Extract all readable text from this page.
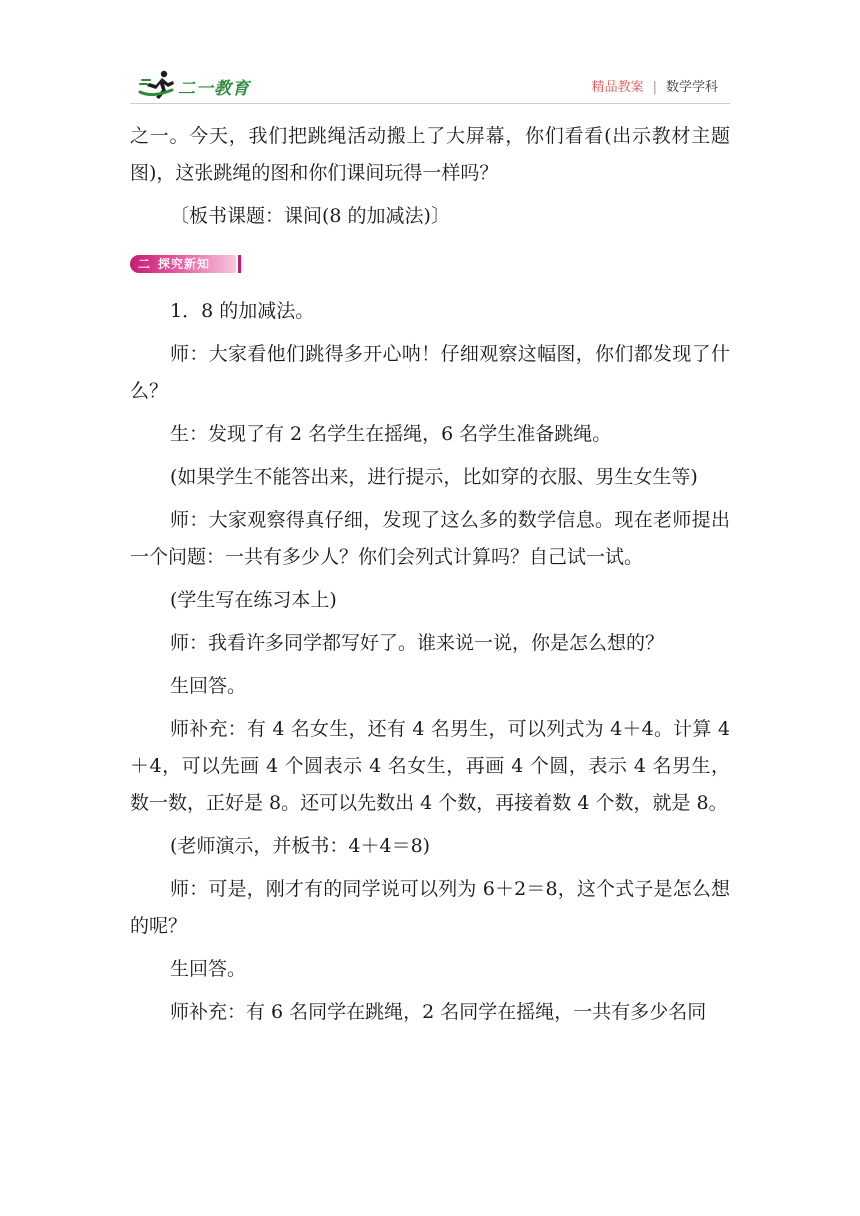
二一教育	精品教案 | 数学学科

之一。今天，我们把跳绳活动搬上了大屏幕，你们看看(出示教材主题图)，这张跳绳的图和你们课间玩得一样吗？

〔板书课题：课间(8 的加减法)〕

二 探究新知

1．8 的加减法。

师：大家看他们跳得多开心呐！仔细观察这幅图，你们都发现了什么？

生：发现了有 2 名学生在摇绳，6 名学生准备跳绳。

(如果学生不能答出来，进行提示，比如穿的衣服、男生女生等)

师：大家观察得真仔细，发现了这么多的数学信息。现在老师提出一个问题：一共有多少人？你们会列式计算吗？自己试一试。

(学生写在练习本上)

师：我看许多同学都写好了。谁来说一说，你是怎么想的？

生回答。

师补充：有 4 名女生，还有 4 名男生，可以列式为 4＋4。计算 4＋4，可以先画 4 个圆表示 4 名女生，再画 4 个圆，表示 4 名男生，数一数，正好是 8。还可以先数出 4 个数，再接着数 4 个数，就是 8。

(老师演示，并板书：4＋4＝8)

师：可是，刚才有的同学说可以列为 6＋2＝8，这个式子是怎么想的呢？

生回答。

师补充：有 6 名同学在跳绳，2 名同学在摇绳，一共有多少名同
